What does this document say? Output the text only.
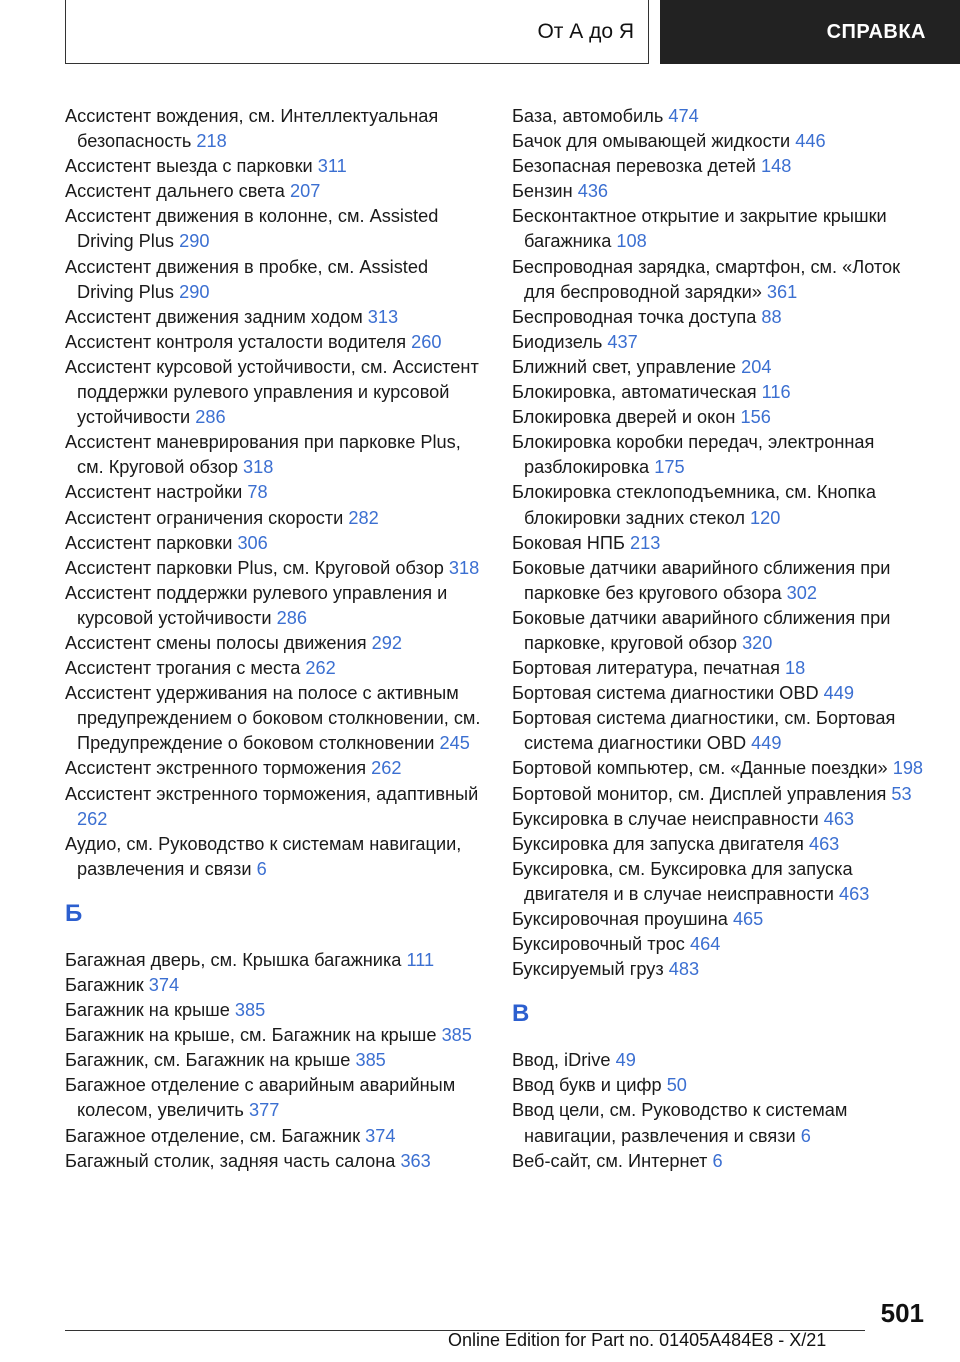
От А до Я	СПРАВКА
Ассистент вождения, см. Интеллектуальная безопасность 218
Ассистент выезда с парковки 311
Ассистент дальнего света 207
Ассистент движения в колонне, см. Assisted Driving Plus 290
Ассистент движения в пробке, см. Assisted Driving Plus 290
Ассистент движения задним ходом 313
Ассистент контроля усталости водителя 260
Ассистент курсовой устойчивости, см. Ассистент поддержки рулевого управления и курсовой устойчивости 286
Ассистент маневрирования при парковке Plus, см. Круговой обзор 318
Ассистент настройки 78
Ассистент ограничения скорости 282
Ассистент парковки 306
Ассистент парковки Plus, см. Круговой обзор 318
Ассистент поддержки рулевого управления и курсовой устойчивости 286
Ассистент смены полосы движения 292
Ассистент трогания с места 262
Ассистент удерживания на полосе с активным предупреждением о боковом столкновении, см. Предупреждение о боковом столкновении 245
Ассистент экстренного торможения 262
Ассистент экстренного торможения, адаптивный 262
Аудио, см. Руководство к системам навигации, развлечения и связи 6
Б
Багажная дверь, см. Крышка багажника 111
Багажник 374
Багажник на крыше 385
Багажник на крыше, см. Багажник на крыше 385
Багажник, см. Багажник на крыше 385
Багажное отделение с аварийным аварийным колесом, увеличить 377
Багажное отделение, см. Багажник 374
Багажный столик, задняя часть салона 363
База, автомобиль 474
Бачок для омывающей жидкости 446
Безопасная перевозка детей 148
Бензин 436
Бесконтактное открытие и закрытие крышки багажника 108
Беспроводная зарядка, смартфон, см. «Лоток для беспроводной зарядки» 361
Беспроводная точка доступа 88
Биодизель 437
Ближний свет, управление 204
Блокировка, автоматическая 116
Блокировка дверей и окон 156
Блокировка коробки передач, электронная разблокировка 175
Блокировка стеклоподъемника, см. Кнопка блокировки задних стекол 120
Боковая НПБ 213
Боковые датчики аварийного сближения при парковке без кругового обзора 302
Боковые датчики аварийного сближения при парковке, круговой обзор 320
Бортовая литература, печатная 18
Бортовая система диагностики OBD 449
Бортовая система диагностики, см. Бортовая система диагностики OBD 449
Бортовой компьютер, см. «Данные поездки» 198
Бортовой монитор, см. Дисплей управления 53
Буксировка в случае неисправности 463
Буксировка для запуска двигателя 463
Буксировка, см. Буксировка для запуска двигателя и в случае неисправности 463
Буксировочная проушина 465
Буксировочный трос 464
Буксируемый груз 483
В
Ввод, iDrive 49
Ввод букв и цифр 50
Ввод цели, см. Руководство к системам навигации, развлечения и связи 6
Веб-сайт, см. Интернет 6
501
Online Edition for Part no. 01405A484E8 - X/21
